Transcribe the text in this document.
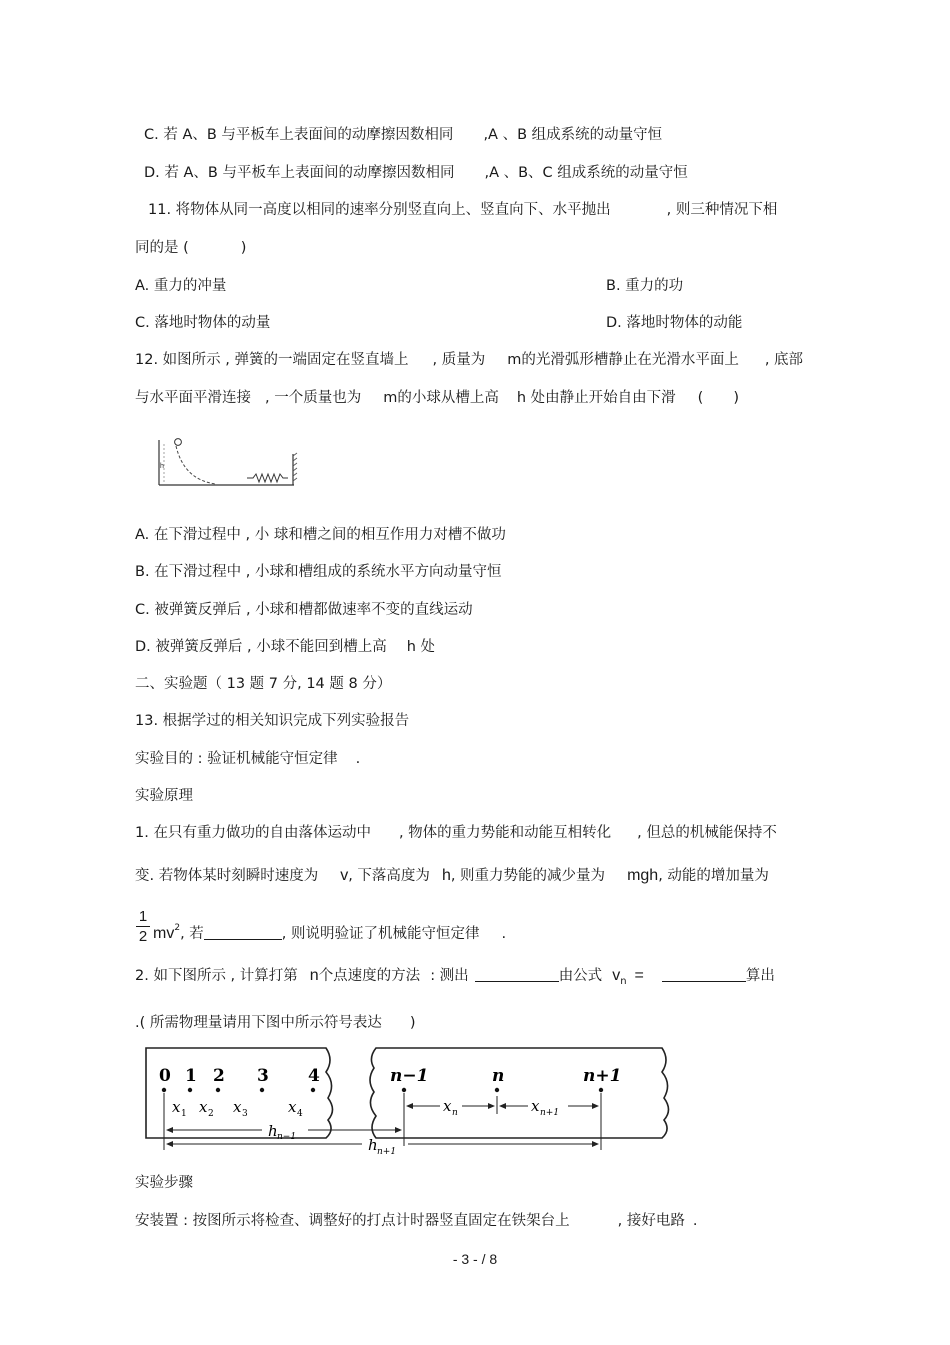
C. 若 A、B 与平板车上表面间的动摩擦因数相同 ,A 、B 组成系统的动量守恒
D. 若 A、B 与平板车上表面间的动摩擦因数相同 ,A 、B、C 组成系统的动量守恒
11. 将物体从同一高度以相同的速率分别竖直向上、竖直向下、水平抛出	, 则三种情况下相
同的是 (	)
A. 重力的冲量	B. 重力的功
C. 落地时物体的动量	D. 落地时物体的动能
12. 如图所示 , 弹簧的一端固定在竖直墙上 , 质量为 m的光滑弧形槽静止在光滑水平面上 , 底部
与水平面平滑连接 , 一个质量也为 m的小球从槽上高 h 处由静止开始自由下滑 ( )
h
A. 在下滑过程中 , 小 球和槽之间的相互作用力对槽不做功
B. 在下滑过程中 , 小球和槽组成的系统水平方向动量守恒
C. 被弹簧反弹后 , 小球和槽都做速率不变的直线运动
D. 被弹簧反弹后 , 小球不能回到槽上高 h 处
二、实验题（ 13 题 7 分, 14 题 8 分）
13. 根据学过的相关知识完成下列实验报告
实验目的 : 验证机械能守恒定律 .
实验原理
1. 在只有重力做功的自由落体运动中 , 物体的重力势能和动能互相转化 , 但总的机械能保持不
变. 若物体某时刻瞬时速度为 v, 下落高度为 h, 则重力势能的减少量为 mgh, 动能的增加量为
1
2 $mv^2$, 若	, 则说明验证了机械能守恒定律 .
2. 如下图所示 , 计算打第 n个点速度的方法 : 测出	由公式 $v_n$ =	算出
.( 所需物理量请用下图中所示符号表达 )
0 1 2 3 4
x 1 x 2 x 3	x 4
n−1	n	n+1
x n	x n+1
h n−1	h n+1
实验步骤
安装置 : 按图所示将检查、调整好的打点计时器竖直固定在铁架台上	, 接好电路 .
- 3 - / 8
